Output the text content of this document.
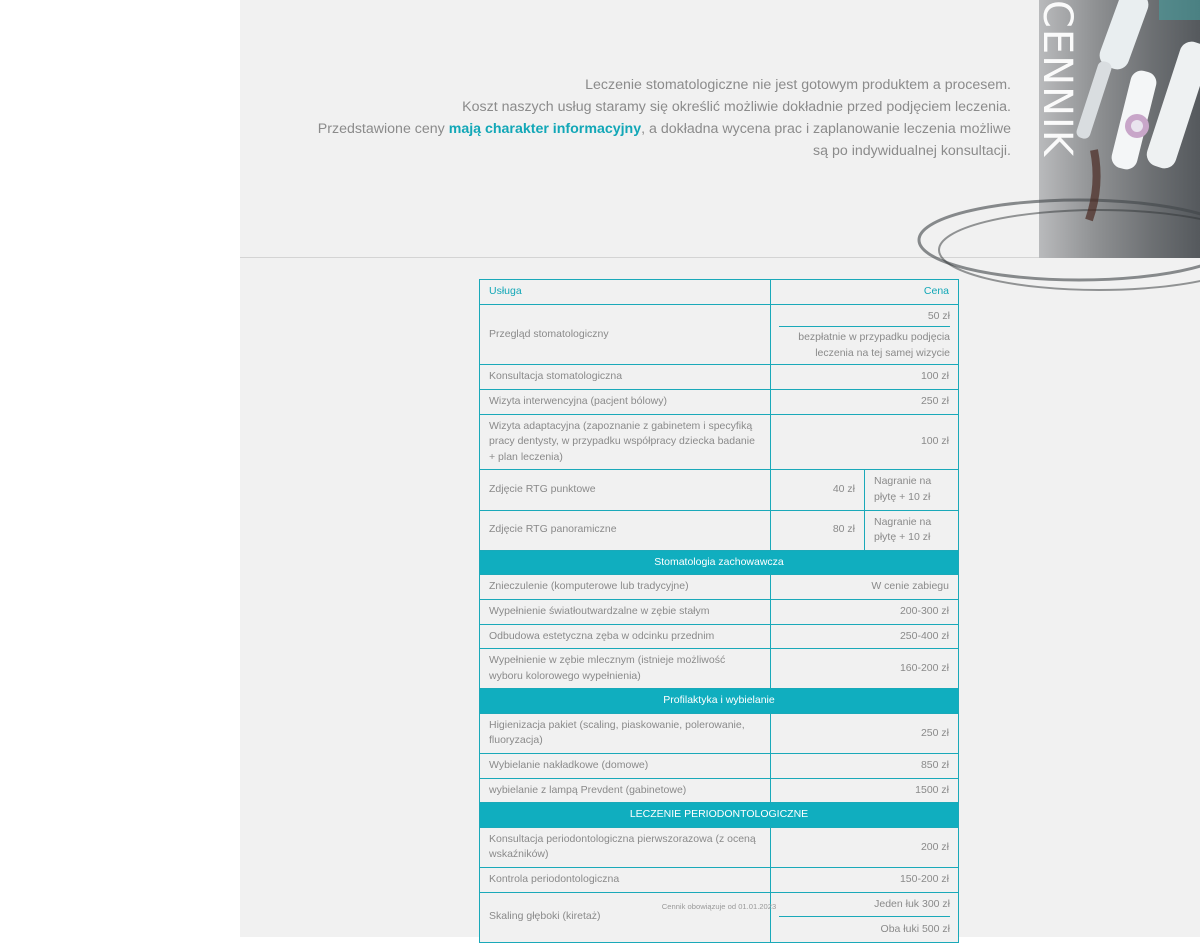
Leczenie stomatologiczne nie jest gotowym produktem a procesem.

Koszt naszych usług staramy się określić możliwie dokładnie przed podjęciem leczenia.

Przedstawione ceny mają charakter informacyjny, a dokładna wycena prac i zaplanowanie leczenia możliwe są po indywidualnej konsultacji. CENNIK
Usługa	Cena	
Przegląd stomatologiczny	50 zł
bezpłatnie w przypadku podjęcia leczenia na tej samej wizycie	

Konsultacja stomatologiczna	100 zł	
Wizyta interwencyjna (pacjent bólowy)	250 zł	
Wizyta adaptacyjna (zapoznanie z gabinetem i specyfiką pracy dentysty, w przypadku współpracy dziecka badanie + plan leczenia)	100 zł	
Zdjęcie RTG punktowe	40 zł	Nagranie na płytę + 10 zł
Zdjęcie RTG panoramiczne	80 zł	Nagranie na płytę + 10 zł
Stomatologia zachowawcza		
Znieczulenie (komputerowe lub tradycyjne)	W cenie zabiegu	
Wypełnienie światłoutwardzalne w zębie stałym	200-300 zł	
Odbudowa estetyczna zęba w odcinku przednim	250-400 zł	
Wypełnienie w zębie mlecznym (istnieje możliwość wyboru kolorowego wypełnienia)	160-200 zł	
Profilaktyka i wybielanie		
Higienizacja pakiet (scaling, piaskowanie, polerowanie, fluoryzacja)	250 zł	
Wybielanie nakładkowe (domowe)	850 zł	
wybielanie z lampą Prevdent (gabinetowe)	1500 zł	
LECZENIE PERIODONTOLOGICZNE		
Konsultacja periodontologiczna pierwszorazowa (z oceną wskaźników)	200 zł	
Kontrola periodontologiczna	150-200 zł	
Skaling głęboki (kiretaż)	Jeden łuk 300 zł
Oba łuki 500 zł	
Cennik obowiązuje od 01.01.2023
